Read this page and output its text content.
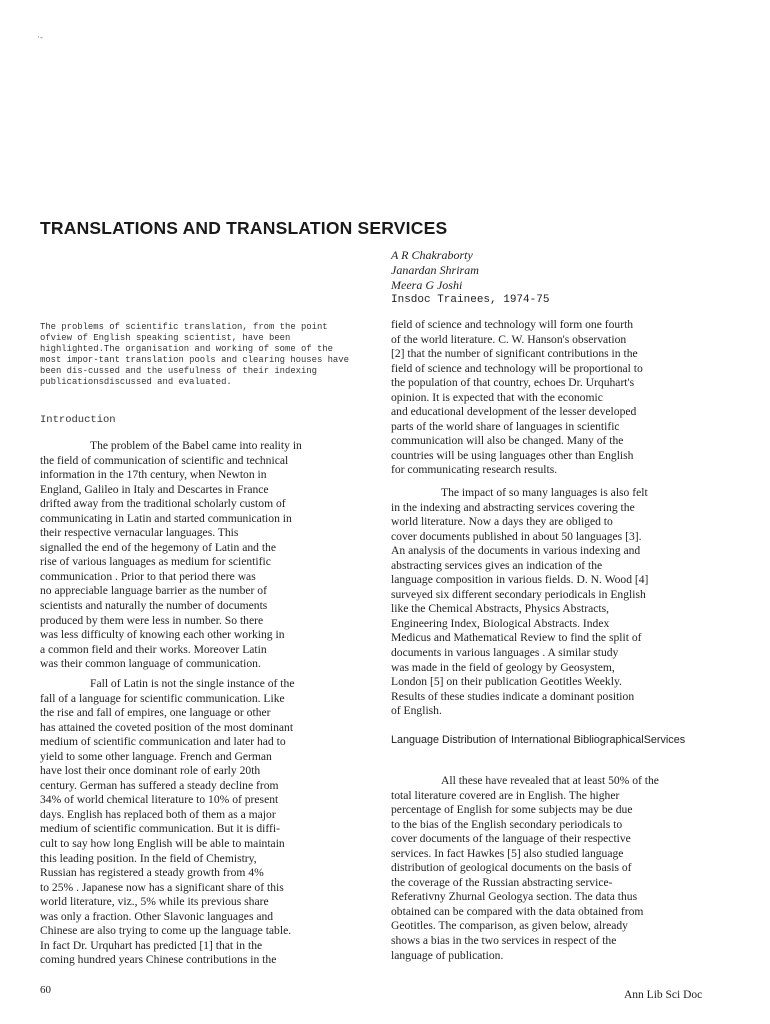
·-
TRANSLATIONS AND TRANSLATION SERVICES
A R Chakraborty
Janardan Shriram
Meera G Joshi
Insdoc Trainees, 1974-75
The problems of scientific translation, from the point ofview of English speaking scientist, have been highlighted.The organisation and working of some of the most impor-tant translation pools and clearing houses have been dis-cussed and the usefulness of their indexing publicationsdiscussed and evaluated.
Introduction
The problem of the Babel came into reality in
the field of communication of scientific and technical
information in the 17th century, when Newton in
England, Galileo in Italy and Descartes in France
drifted away from the traditional scholarly custom of
communicating in Latin and started communication in
their respective vernacular languages. This
signalled the end of the hegemony of Latin and the
rise of various languages as medium for scientific
communication . Prior to that period there was
no appreciable language barrier as the number of
scientists and naturally the number of documents
produced by them were less in number. So there
was less difficulty of knowing each other working in
a common field and their works. Moreover Latin
was their common language of communication.
Fall of Latin is not the single instance of the
fall of a language for scientific communication. Like
the rise and fall of empires, one language or other
has attained the coveted position of the most dominant
medium of scientific communication and later had to
yield to some other language. French and German
have lost their once dominant role of early 20th
century. German has suffered a steady decline from
34% of world chemical literature to 10% of present
days. English has replaced both of them as a major
medium of scientific communication. But it is diffi-
cult to say how long English will be able to maintain
this leading position. In the field of Chemistry,
Russian has registered a steady growth from 4%
to 25% . Japanese now has a significant share of this
world literature, viz., 5% while its previous share
was only a fraction. Other Slavonic languages and
Chinese are also trying to come up the language table.
In fact Dr. Urquhart has predicted [1] that in the
coming hundred years Chinese contributions in the
field of science and technology will form one fourth
of the world literature. C. W. Hanson's observation
[2] that the number of significant contributions in the
field of science and technology will be proportional to
the population of that country, echoes Dr. Urquhart's
opinion. It is expected that with the economic
and educational development of the lesser developed
parts of the world share of languages in scientific
communication will also be changed. Many of the
countries will be using languages other than English
for communicating research results.
The impact of so many languages is also felt
in the indexing and abstracting services covering the
world literature. Now a days they are obliged to
cover documents published in about 50 languages [3].
An analysis of the documents in various indexing and
abstracting services gives an indication of the
language composition in various fields. D. N. Wood [4]
surveyed six different secondary periodicals in English
like the Chemical Abstracts, Physics Abstracts,
Engineering Index, Biological Abstracts. Index
Medicus and Mathematical Review to find the split of
documents in various languages . A similar study
was made in the field of geology by Geosystem,
London [5] on their publication Geotitles Weekly.
Results of these studies indicate a dominant position
of English.
Language Distribution of International BibliographicalServices
All these have revealed that at least 50% of the
total literature covered are in English. The higher
percentage of English for some subjects may be due
to the bias of the English secondary periodicals to
cover documents of the language of their respective
services. In fact Hawkes [5] also studied language
distribution of geological documents on the basis of
the coverage of the Russian abstracting service-
Referativny Zhurnal Geologya section. The data thus
obtained can be compared with the data obtained from
Geotitles. The comparison, as given below, already
shows a bias in the two services in respect of the
language of publication.
60	Ann Lib Sci Doc
